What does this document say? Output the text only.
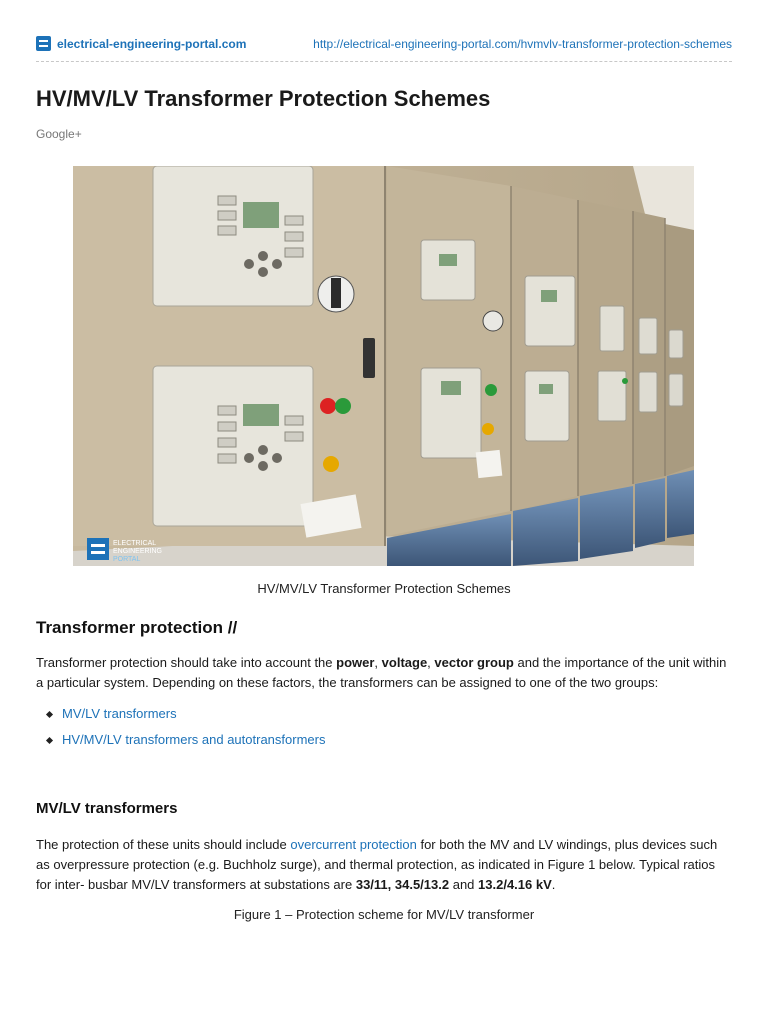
electrical-engineering-portal.com	http://electrical-engineering-portal.com/hvmvlv-transformer-protection-schemes
HV/MV/LV Transformer Protection Schemes
Google+
ELECTRICAL
ENGINEERING
PORTAL
HV/MV/LV Transformer Protection Schemes
Transformer protection //

Transformer protection should take into account the power, voltage, vector group and the importance of the unit within a particular system. Depending on these factors, the transformers can be assigned to one of the two groups:

MV/LV transformers
HV/MV/LV transformers and autotransformers
MV/LV transformers

The protection of these units should include overcurrent protection for both the MV and LV windings, plus devices such as overpressure protection (e.g. Buchholz surge), and thermal protection, as indicated in Figure 1 below. Typical ratios for inter- busbar MV/LV transformers at substations are 33/11, 34.5/13.2 and 13.2/4.16 kV.

Figure 1 – Protection scheme for MV/LV transformer
